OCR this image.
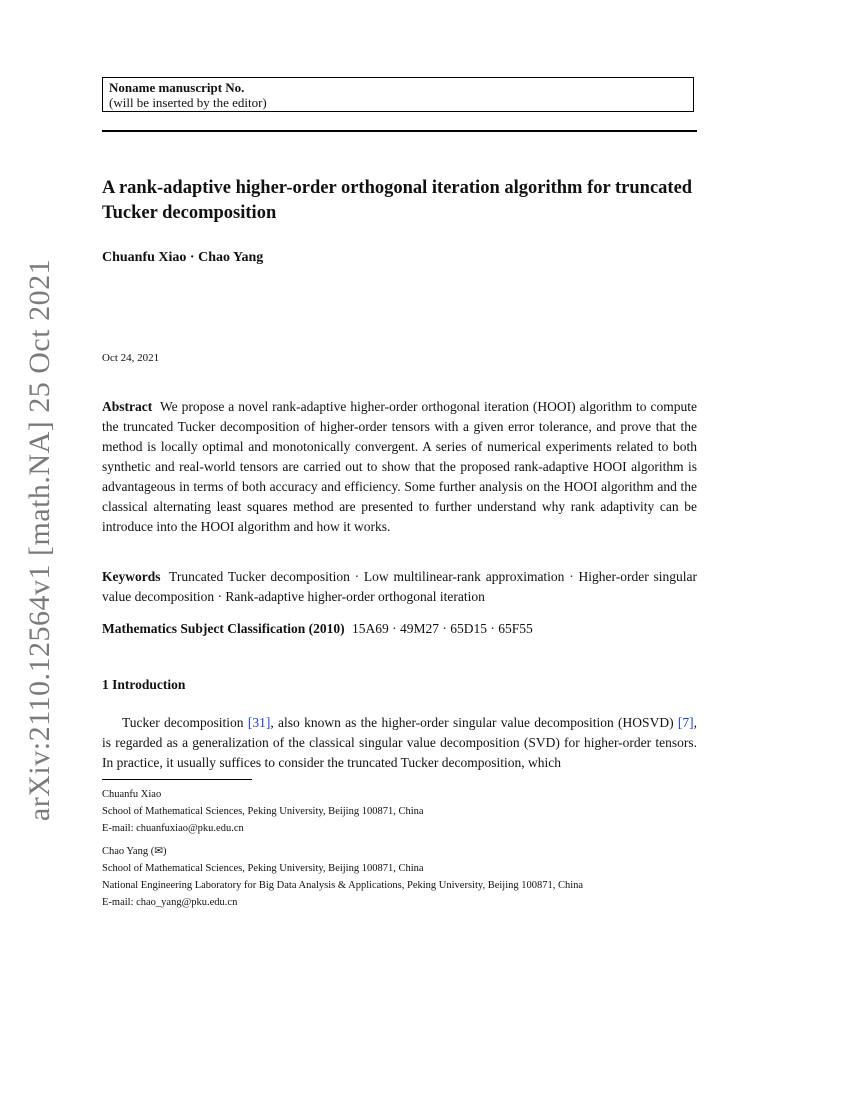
arXiv:2110.12564v1 [math.NA] 25 Oct 2021
Noname manuscript No.
(will be inserted by the editor)
A rank-adaptive higher-order orthogonal iteration algorithm for truncated Tucker decomposition
Chuanfu Xiao · Chao Yang
Oct 24, 2021
Abstract We propose a novel rank-adaptive higher-order orthogonal iteration (HOOI) algorithm to compute the truncated Tucker decomposition of higher-order tensors with a given error tolerance, and prove that the method is locally optimal and monotonically convergent. A series of numerical experiments related to both synthetic and real-world tensors are carried out to show that the proposed rank-adaptive HOOI algorithm is advantageous in terms of both accuracy and efficiency. Some further analysis on the HOOI algorithm and the classical alternating least squares method are presented to further understand why rank adaptivity can be introduce into the HOOI algorithm and how it works.
Keywords Truncated Tucker decomposition · Low multilinear-rank approximation · Higher-order singular value decomposition · Rank-adaptive higher-order orthogonal iteration
Mathematics Subject Classification (2010) 15A69 · 49M27 · 65D15 · 65F55
1 Introduction
Tucker decomposition [31], also known as the higher-order singular value decomposition (HOSVD) [7], is regarded as a generalization of the classical singular value decomposition (SVD) for higher-order tensors. In practice, it usually suffices to consider the truncated Tucker decomposition, which
Chuanfu Xiao
School of Mathematical Sciences, Peking University, Beijing 100871, China
E-mail: chuanfuxiao@pku.edu.cn
Chao Yang (✉)
School of Mathematical Sciences, Peking University, Beijing 100871, China
National Engineering Laboratory for Big Data Analysis & Applications, Peking University, Beijing 100871, China
E-mail: chao_yang@pku.edu.cn
